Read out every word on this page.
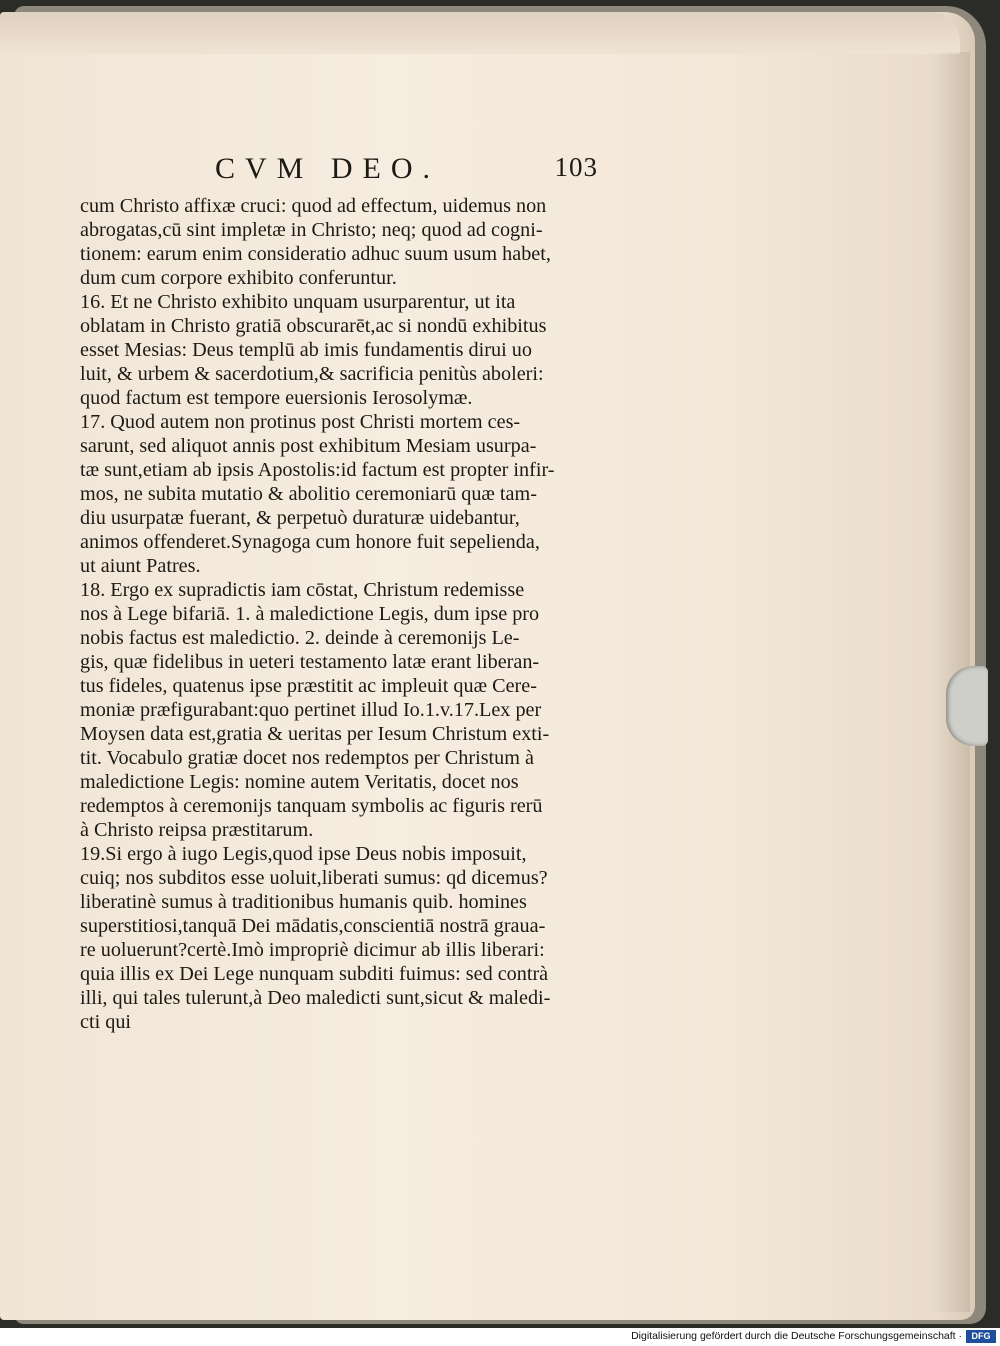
CVM DEO.	103
cum Christo affixæ cruci: quod ad effectum, uidemus non
abrogatas,cū sint impletæ in Christo; neq; quod ad cogni-
tionem: earum enim consideratio adhuc suum usum habet,
dum cum corpore exhibito conferuntur.
16. Et ne Christo exhibito unquam usurparentur, ut ita
oblatam in Christo gratiā obscurarēt,ac si nondū exhibitus
esset Mesias: Deus templū ab imis fundamentis dirui uo
luit, & urbem & sacerdotium,& sacrificia penitùs aboleri:
quod factum est tempore euersionis Ierosolymæ.
17. Quod autem non protinus post Christi mortem ces-
sarunt, sed aliquot annis post exhibitum Mesiam usurpa-
tæ sunt,etiam ab ipsis Apostolis:id factum est propter infir-
mos, ne subita mutatio & abolitio ceremoniarū quæ tam-
diu usurpatæ fuerant, & perpetuò duraturæ uidebantur,
animos offenderet.Synagoga cum honore fuit sepelienda,
ut aiunt Patres.
18. Ergo ex supradictis iam cōstat, Christum redemisse
nos à Lege bifariā. 1. à maledictione Legis, dum ipse pro
nobis factus est maledictio. 2. deinde à ceremonijs Le-
gis, quæ fidelibus in ueteri testamento latæ erant liberan-
tus fideles, quatenus ipse præstitit ac impleuit quæ Cere-
moniæ præfigurabant:quo pertinet illud Io.1.v.17.Lex per
Moysen data est,gratia & ueritas per Iesum Christum exti-
tit. Vocabulo gratiæ docet nos redemptos per Christum à
maledictione Legis: nomine autem Veritatis, docet nos
redemptos à ceremonijs tanquam symbolis ac figuris rerū
à Christo reipsa præstitarum.
19.Si ergo à iugo Legis,quod ipse Deus nobis imposuit,
cuiq; nos subditos esse uoluit,liberati sumus: qd dicemus?
liberatinè sumus à traditionibus humanis quib. homines
superstitiosi,tanquā Dei mādatis,conscientiā nostrā graua-
re uoluerunt?certè.Imò impropriè dicimur ab illis liberari:
quia illis ex Dei Lege nunquam subditi fuimus: sed contrà
illi, qui tales tulerunt,à Deo maledicti sunt,sicut & maledi-
cti qui
Digitalisierung gefördert durch die Deutsche Forschungsgemeinschaft ·	DFG
